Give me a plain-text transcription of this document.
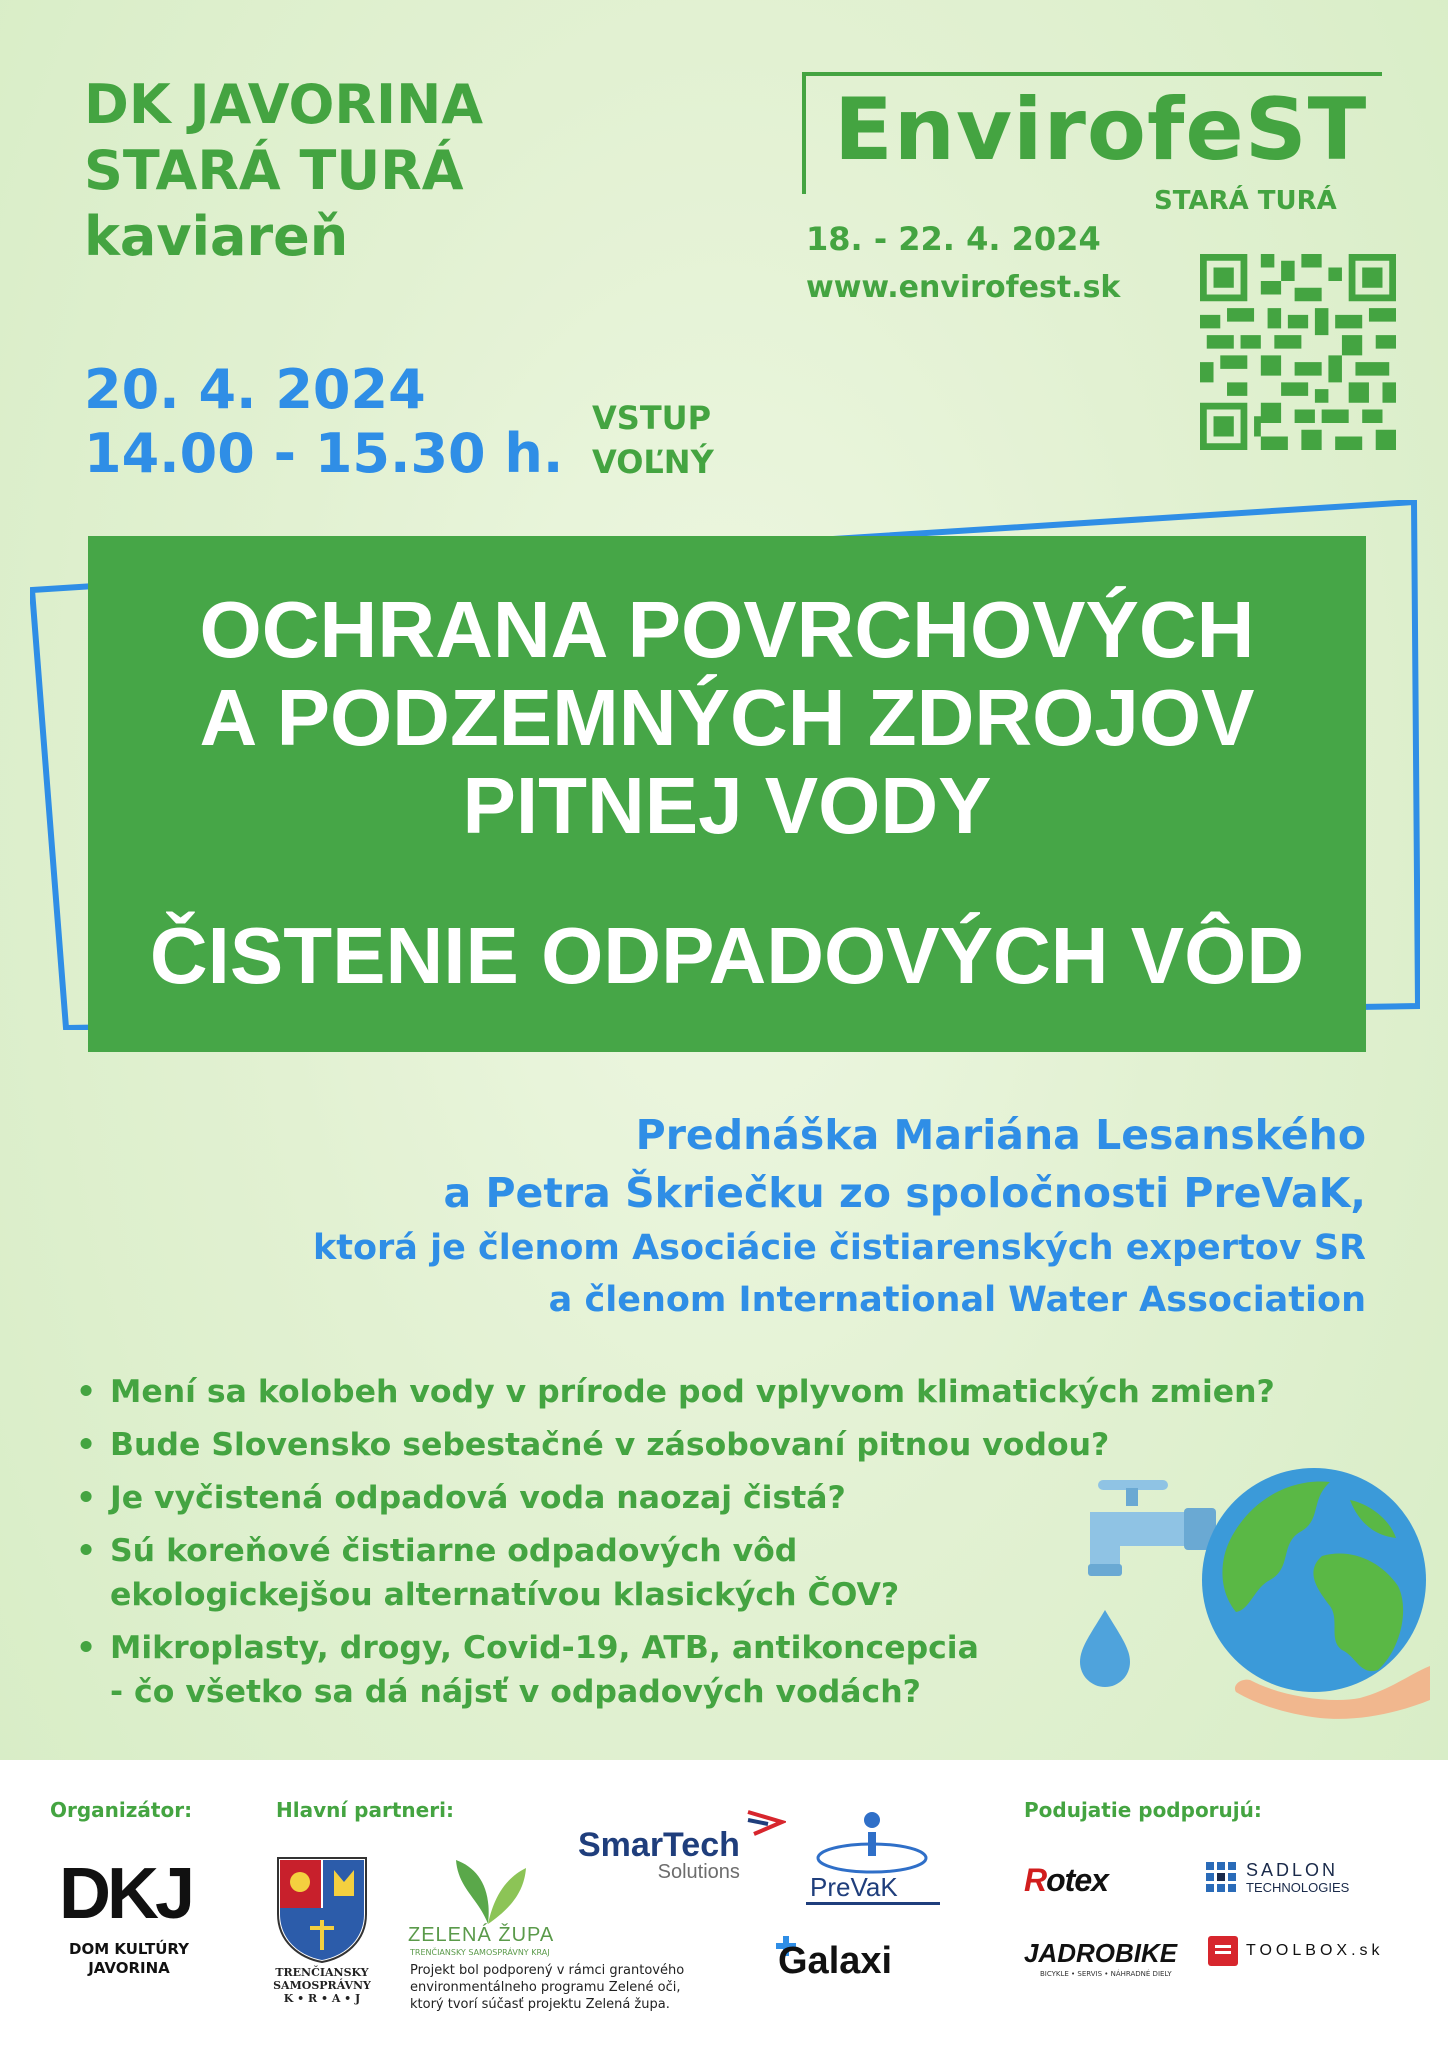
DK JAVORINA
STARÁ TURÁ
kaviareň
20. 4. 2024
14.00 - 15.30 h.
VSTUP
VOĽNÝ
EnvirofeST
STARÁ TURÁ
18. - 22. 4. 2024
www.envirofest.sk
OCHRANA POVRCHOVÝCH
A PODZEMNÝCH ZDROJOV
PITNEJ VODY
ČISTENIE ODPADOVÝCH VÔD
Prednáška Mariána Lesanského
a Petra Škriečku zo spoločnosti PreVaK,
ktorá je členom Asociácie čistiarenských expertov SR
a členom International Water Association
• Mení sa kolobeh vody v prírode pod vplyvom klimatických zmien?
• Bude Slovensko sebestačné v zásobovaní pitnou vodou?
• Je vyčistená odpadová voda naozaj čistá?
• Sú koreňové čistiarne odpadových vôd
ekologickejšou alternatívou klasických ČOV?
• Mikroplasty, drogy, Covid-19, ATB, antikoncepcia
- čo všetko sa dá nájsť v odpadových vodách?
Organizátor:	Hlavní partneri:	Podujatie podporujú:
DKJ
DOM KULTÚRY
JAVORINA	TRENČIANSKY
SAMOSPRÁVNY
K • R • A • J
ZELENÁ ŽUPA
TRENČIANSKY SAMOSPRÁVNY KRAJ
Projekt bol podporený v rámci grantového
environmentálneho programu Zelené oči,
ktorý tvorí súčasť projektu Zelená župa.
SmarTech
Solutions	PreVaK
Galaxi
Rotex	SADLON
TECHNOLOGIES
JADROBIKE
BICYKLE • SERVIS • NÁHRADNÉ DIELY
TOOLBOX.sk
